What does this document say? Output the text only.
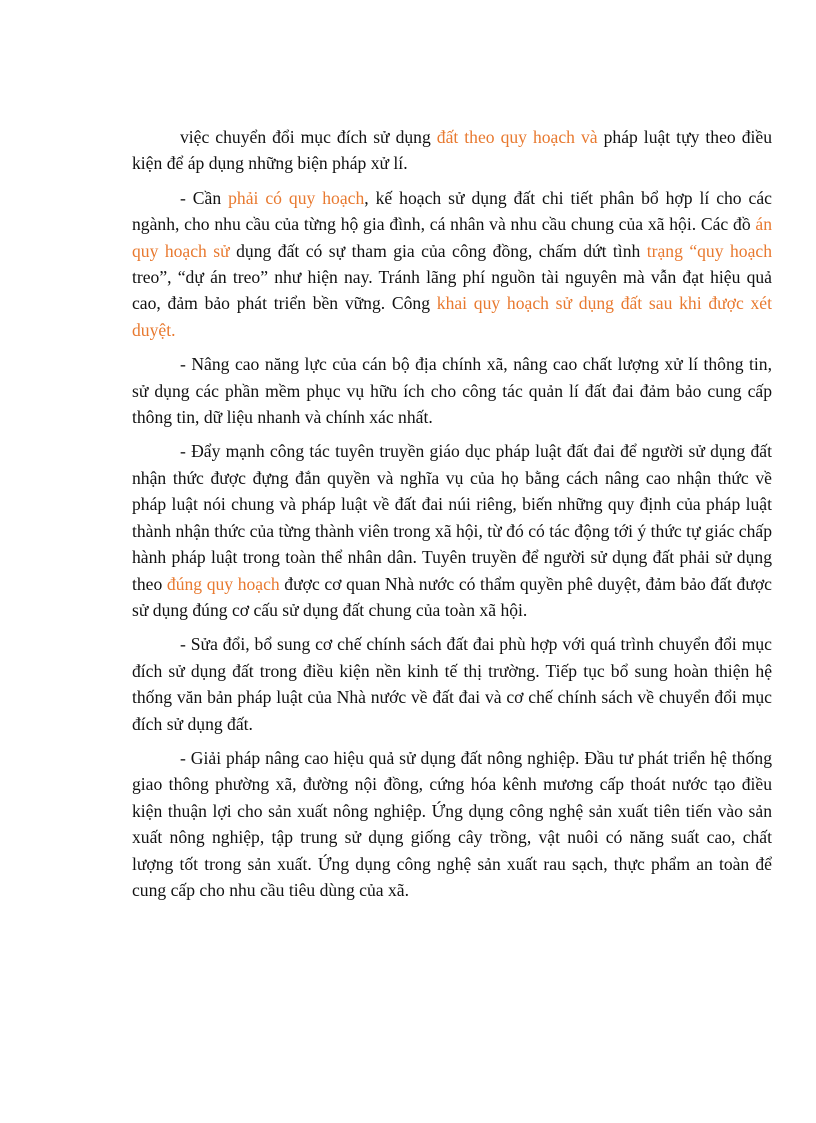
việc chuyển đổi mục đích sử dụng đất theo quy hoạch và pháp luật tựy theo điều kiện để áp dụng những biện pháp xử lí.

- Cần phải có quy hoạch, kế hoạch sử dụng đất chi tiết phân bổ hợp lí cho các ngành, cho nhu cầu của từng hộ gia đình, cá nhân và nhu cầu chung của xã hội. Các đồ án quy hoạch sử dụng đất có sự tham gia của công đồng, chấm dứt tình trạng “quy hoạch treo”, “dự án treo” như hiện nay. Tránh lãng phí nguồn tài nguyên mà vẫn đạt hiệu quả cao, đảm bảo phát triển bền vững. Công khai quy hoạch sử dụng đất sau khi được xét duyệt.

- Nâng cao năng lực của cán bộ địa chính xã, nâng cao chất lượng xử lí thông tin, sử dụng các phần mềm phục vụ hữu ích cho công tác quản lí đất đai đảm bảo cung cấp thông tin, dữ liệu nhanh và chính xác nhất.

- Đẩy mạnh công tác tuyên truyền giáo dục pháp luật đất đai để người sử dụng đất nhận thức được đựng đắn quyền và nghĩa vụ của họ bằng cách nâng cao nhận thức về pháp luật nói chung và pháp luật về đất đai núi riêng, biến những quy định của pháp luật thành nhận thức của từng thành viên trong xã hội, từ đó có tác động tới ý thức tự giác chấp hành pháp luật trong toàn thể nhân dân. Tuyên truyền để người sử dụng đất phải sử dụng theo đúng quy hoạch được cơ quan Nhà nước có thẩm quyền phê duyệt, đảm bảo đất được sử dụng đúng cơ cấu sử dụng đất chung của toàn xã hội.

- Sửa đổi, bổ sung cơ chế chính sách đất đai phù hợp với quá trình chuyển đổi mục đích sử dụng đất trong điều kiện nền kinh tế thị trường. Tiếp tục bổ sung hoàn thiện hệ thống văn bản pháp luật của Nhà nước về đất đai và cơ chế chính sách về chuyển đổi mục đích sử dụng đất.

- Giải pháp nâng cao hiệu quả sử dụng đất nông nghiệp. Đầu tư phát triển hệ thống giao thông phường xã, đường nội đồng, cứng hóa kênh mương cấp thoát nước tạo điều kiện thuận lợi cho sản xuất nông nghiệp. Ứng dụng công nghệ sản xuất tiên tiến vào sản xuất nông nghiệp, tập trung sử dụng giống cây trồng, vật nuôi có năng suất cao, chất lượng tốt trong sản xuất. Ứng dụng công nghệ sản xuất rau sạch, thực phẩm an toàn để cung cấp cho nhu cầu tiêu dùng của xã.
